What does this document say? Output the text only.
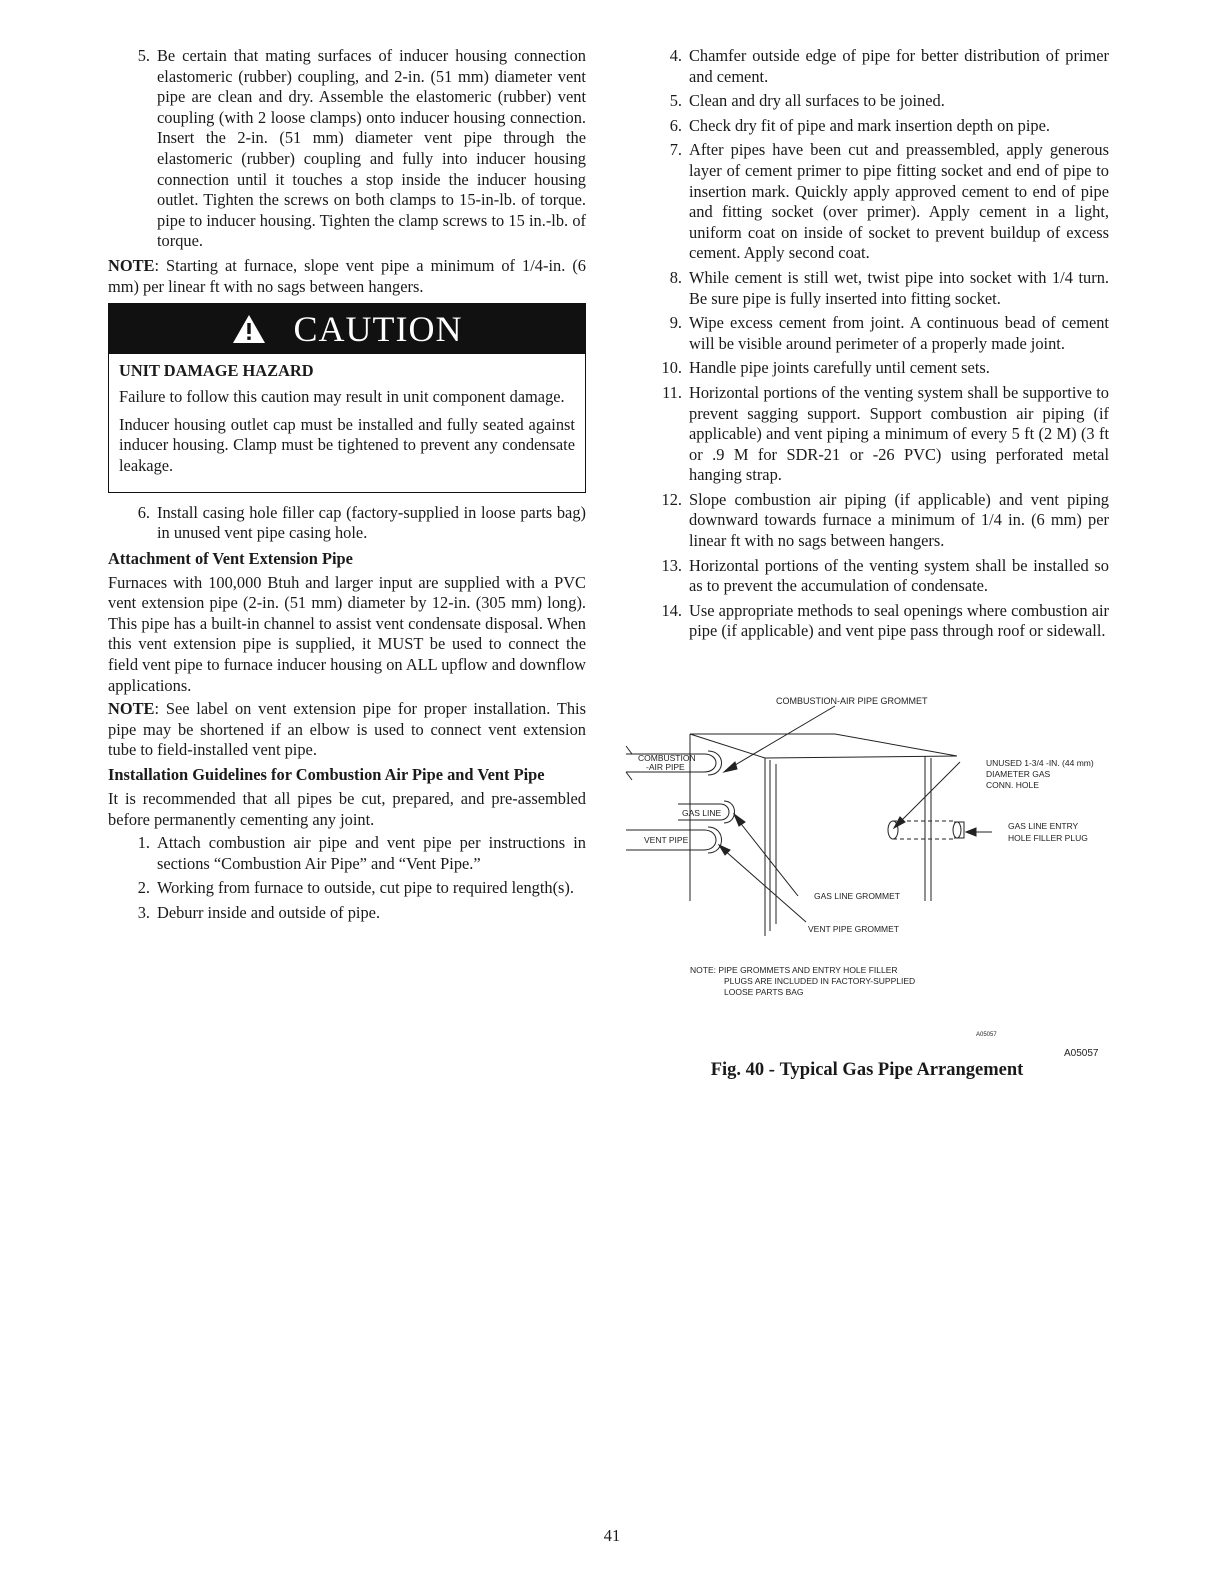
5. Be certain that mating surfaces of inducer housing connection elastomeric (rubber) coupling, and 2-in. (51 mm) diameter vent pipe are clean and dry. Assemble the elastomeric (rubber) vent coupling (with 2 loose clamps) onto inducer housing connection. Insert the 2-in. (51 mm) diameter vent pipe through the elastomeric (rubber) coupling and fully into inducer housing connection until it touches a stop inside the inducer housing outlet. Tighten the screws on both clamps to 15-in-lb. of torque. pipe to inducer housing. Tighten the clamp screws to 15 in.-lb. of torque.
NOTE: Starting at furnace, slope vent pipe a minimum of 1/4-in. (6 mm) per linear ft with no sags between hangers.
CAUTION
UNIT DAMAGE HAZARD
Failure to follow this caution may result in unit component damage.
Inducer housing outlet cap must be installed and fully seated against inducer housing. Clamp must be tightened to prevent any condensate leakage.
6. Install casing hole filler cap (factory-supplied in loose parts bag) in unused vent pipe casing hole.
Attachment of Vent Extension Pipe
Furnaces with 100,000 Btuh and larger input are supplied with a PVC vent extension pipe (2-in. (51 mm) diameter by 12-in. (305 mm) long). This pipe has a built-in channel to assist vent condensate disposal. When this vent extension pipe is supplied, it MUST be used to connect the field vent pipe to furnace inducer housing on ALL upflow and downflow applications.
NOTE: See label on vent extension pipe for proper installation. This pipe may be shortened if an elbow is used to connect vent extension tube to field-installed vent pipe.
Installation Guidelines for Combustion Air Pipe and Vent Pipe
It is recommended that all pipes be cut, prepared, and pre-assembled before permanently cementing any joint.
1. Attach combustion air pipe and vent pipe per instructions in sections “Combustion Air Pipe” and “Vent Pipe.”
2. Working from furnace to outside, cut pipe to required length(s).
3. Deburr inside and outside of pipe.
4. Chamfer outside edge of pipe for better distribution of primer and cement.
5. Clean and dry all surfaces to be joined.
6. Check dry fit of pipe and mark insertion depth on pipe.
7. After pipes have been cut and preassembled, apply generous layer of cement primer to pipe fitting socket and end of pipe to insertion mark. Quickly apply approved cement to end of pipe and fitting socket (over primer). Apply cement in a light, uniform coat on inside of socket to prevent buildup of excess cement. Apply second coat.
8. While cement is still wet, twist pipe into socket with 1/4 turn. Be sure pipe is fully inserted into fitting socket.
9. Wipe excess cement from joint. A continuous bead of cement will be visible around perimeter of a properly made joint.
10. Handle pipe joints carefully until cement sets.
11. Horizontal portions of the venting system shall be supportive to prevent sagging support. Support combustion air piping (if applicable) and vent piping a minimum of every 5 ft (2 M) (3 ft or .9 M for SDR-21 or -26 PVC) using perforated metal hanging strap.
12. Slope combustion air piping (if applicable) and vent piping downward towards furnace a minimum of 1/4 in. (6 mm) per linear ft with no sags between hangers.
13. Horizontal portions of the venting system shall be installed so as to prevent the accumulation of condensate.
14. Use appropriate methods to seal openings where combustion air pipe (if applicable) and vent pipe pass through roof or sidewall.
COMBUSTION-AIR PIPE GROMMET
COMBUSTION
-AIR PIPE
GAS LINE
VENT PIPE
UNUSED 1-3/4 -IN. (44 mm)
DIAMETER GAS
CONN. HOLE
GAS LINE ENTRY
HOLE FILLER PLUG
GAS LINE GROMMET
VENT PIPE GROMMET
NOTE: PIPE GROMMETS AND ENTRY HOLE FILLER
PLUGS ARE INCLUDED IN FACTORY-SUPPLIED
LOOSE PARTS BAG
A05057
A05057
Fig. 40 - Typical Gas Pipe Arrangement
41
